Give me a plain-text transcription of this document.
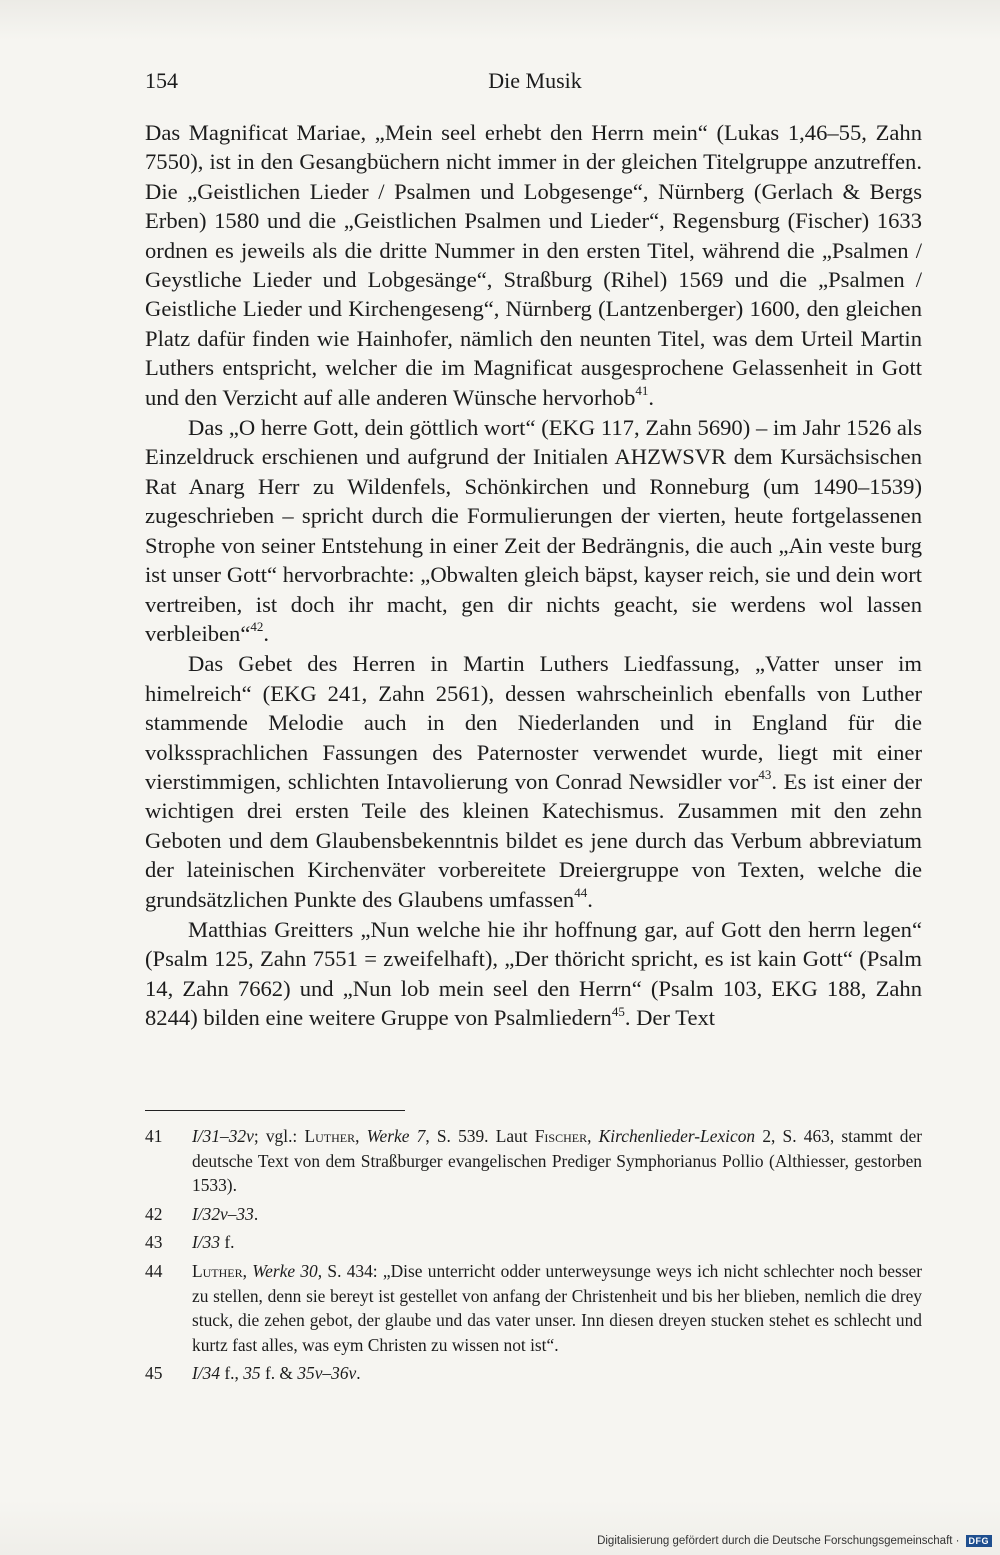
154	Die Musik

Das Magnificat Mariae, „Mein seel erhebt den Herrn mein“ (Lukas 1,46–55, Zahn 7550), ist in den Gesangbüchern nicht immer in der gleichen Titelgruppe anzutreffen. Die „Geistlichen Lieder / Psalmen und Lobgesenge“, Nürnberg (Gerlach & Bergs Erben) 1580 und die „Geistlichen Psalmen und Lieder“, Regensburg (Fischer) 1633 ordnen es jeweils als die dritte Nummer in den ersten Titel, während die „Psalmen / Geystliche Lieder und Lobgesänge“, Straßburg (Rihel) 1569 und die „Psalmen / Geistliche Lieder und Kirchengeseng“, Nürnberg (Lantzenberger) 1600, den gleichen Platz dafür finden wie Hainhofer, nämlich den neunten Titel, was dem Urteil Martin Luthers entspricht, welcher die im Magnificat ausgesprochene Gelassenheit in Gott und den Verzicht auf alle anderen Wünsche hervorhob$^{41}$.

Das „O herre Gott, dein göttlich wort“ (EKG 117, Zahn 5690) – im Jahr 1526 als Einzeldruck erschienen und aufgrund der Initialen AHZWSVR dem Kursächsischen Rat Anarg Herr zu Wildenfels, Schönkirchen und Ronneburg (um 1490–1539) zugeschrieben – spricht durch die Formulierungen der vierten, heute fortgelassenen Strophe von seiner Entstehung in einer Zeit der Bedrängnis, die auch „Ain veste burg ist unser Gott“ hervorbrachte: „Obwalten gleich bäpst, kayser reich, sie und dein wort vertreiben, ist doch ihr macht, gen dir nichts geacht, sie werdens wol lassen verbleiben“$^{42}$.

Das Gebet des Herren in Martin Luthers Liedfassung, „Vatter unser im himelreich“ (EKG 241, Zahn 2561), dessen wahrscheinlich ebenfalls von Luther stammende Melodie auch in den Niederlanden und in England für die volkssprachlichen Fassungen des Paternoster verwendet wurde, liegt mit einer vierstimmigen, schlichten Intavolierung von Conrad Newsidler vor$^{43}$. Es ist einer der wichtigen drei ersten Teile des kleinen Katechismus. Zusammen mit den zehn Geboten und dem Glaubensbekenntnis bildet es jene durch das Verbum abbreviatum der lateinischen Kirchenväter vorbereitete Dreiergruppe von Texten, welche die grundsätzlichen Punkte des Glaubens umfassen$^{44}$.

Matthias Greitters „Nun welche hie ihr hoffnung gar, auf Gott den herrn legen“ (Psalm 125, Zahn 7551 = zweifelhaft), „Der thöricht spricht, es ist kain Gott“ (Psalm 14, Zahn 7662) und „Nun lob mein seel den Herrn“ (Psalm 103, EKG 188, Zahn 8244) bilden eine weitere Gruppe von Psalmliedern$^{45}$. Der Text

41	I/31–32v; vgl.: Luther, Werke 7, S. 539. Laut Fischer, Kirchenlieder-Lexicon 2, S. 463, stammt der deutsche Text von dem Straßburger evangelischen Prediger Symphorianus Pollio (Althiesser, gestorben 1533).
42	I/32v–33.
43	I/33 f.
44	Luther, Werke 30, S. 434: „Dise unterricht odder unterweysunge weys ich nicht schlechter noch besser zu stellen, denn sie bereyt ist gestellet von anfang der Christenheit und bis her blieben, nemlich die drey stuck, die zehen gebot, der glaube und das vater unser. Inn diesen dreyen stucken stehet es schlecht und kurtz fast alles, was eym Christen zu wissen not ist“.
45	I/34 f., 35 f. & 35v–36v.
Digitalisierung gefördert durch die Deutsche Forschungsgemeinschaft ·	DFG
